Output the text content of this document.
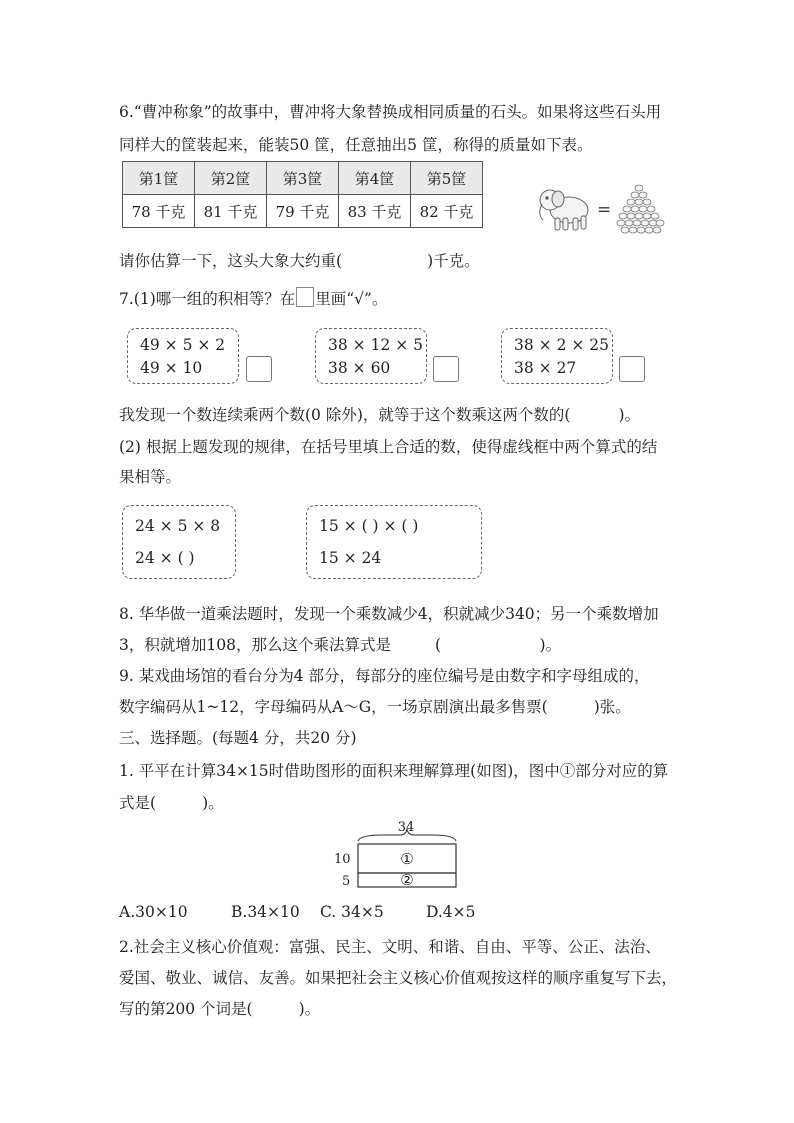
6.“曹冲称象”的故事中，曹冲将大象替换成相同质量的石头。如果将这些石头用
同样大的筐装起来，能装50 筐，任意抽出5 筐，称得的质量如下表。
第1筐	第2筐	第3筐	第4筐	第5筐
78 千克	81 千克	79 千克	83 千克	82 千克	=
请你估算一下，这头大象大约重(	)千克。
7.(1)哪一组的积相等？在 里画“√”。
49 × 5 × 2
49 × 10
38 × 12 × 5
38 × 60
38 × 2 × 25
38 × 27
我发现一个数连续乘两个数(0 除外)，就等于这个数乘这两个数的(	)。
(2) 根据上题发现的规律，在括号里填上合适的数，使得虚线框中两个算式的结
果相等。
24 × 5 × 8
24 × ( )
15 × ( ) × ( )
15 × 24
8. 华华做一道乘法题时，发现一个乘数减少4，积就减少340；另一个乘数增加
3，积就增加108，那么这个乘法算式是	(                    )。
9. 某戏曲场馆的看台分为4 部分，每部分的座位编号是由数字和字母组成的，
数字编码从1~12，字母编码从A～G，一场京剧演出最多售票(	)张。
三、选择题。(每题4 分，共20 分)
1. 平平在计算34×15时借助图形的面积来理解算理(如图)，图中①部分对应的算
式是(	)。
34
10
5
①
②
A.30×10	B.34×10 C. 34×5	D.4×5
2.社会主义核心价值观：富强、民主、文明、和谐、自由、平等、公正、法治、
爱国、敬业、诚信、友善。如果把社会主义核心价值观按这样的顺序重复写下去，
写的第200 个词是(	)。
